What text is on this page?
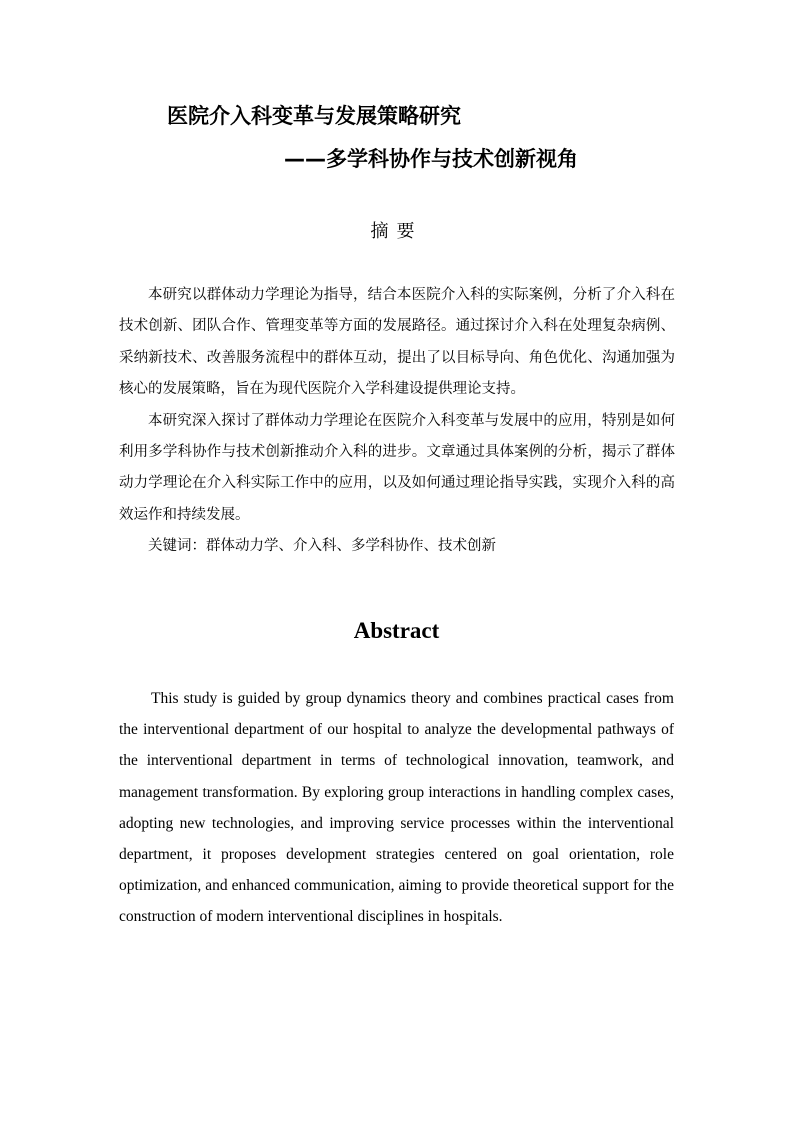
医院介入科变革与发展策略研究
——多学科协作与技术创新视角
摘要

本研究以群体动力学理论为指导，结合本医院介入科的实际案例，分析了介入科在技术创新、团队合作、管理变革等方面的发展路径。通过探讨介入科在处理复杂病例、采纳新技术、改善服务流程中的群体互动，提出了以目标导向、角色优化、沟通加强为核心的发展策略，旨在为现代医院介入学科建设提供理论支持。

本研究深入探讨了群体动力学理论在医院介入科变革与发展中的应用，特别是如何利用多学科协作与技术创新推动介入科的进步。文章通过具体案例的分析，揭示了群体动力学理论在介入科实际工作中的应用，以及如何通过理论指导实践，实现介入科的高效运作和持续发展。

关键词：群体动力学、介入科、多学科协作、技术创新

Abstract

This study is guided by group dynamics theory and combines practical cases from the interventional department of our hospital to analyze the developmental pathways of the interventional department in terms of technological innovation, teamwork, and management transformation. By exploring group interactions in handling complex cases, adopting new technologies, and improving service processes within the interventional department, it proposes development strategies centered on goal orientation, role optimization, and enhanced communication, aiming to provide theoretical support for the construction of modern interventional disciplines in hospitals.
